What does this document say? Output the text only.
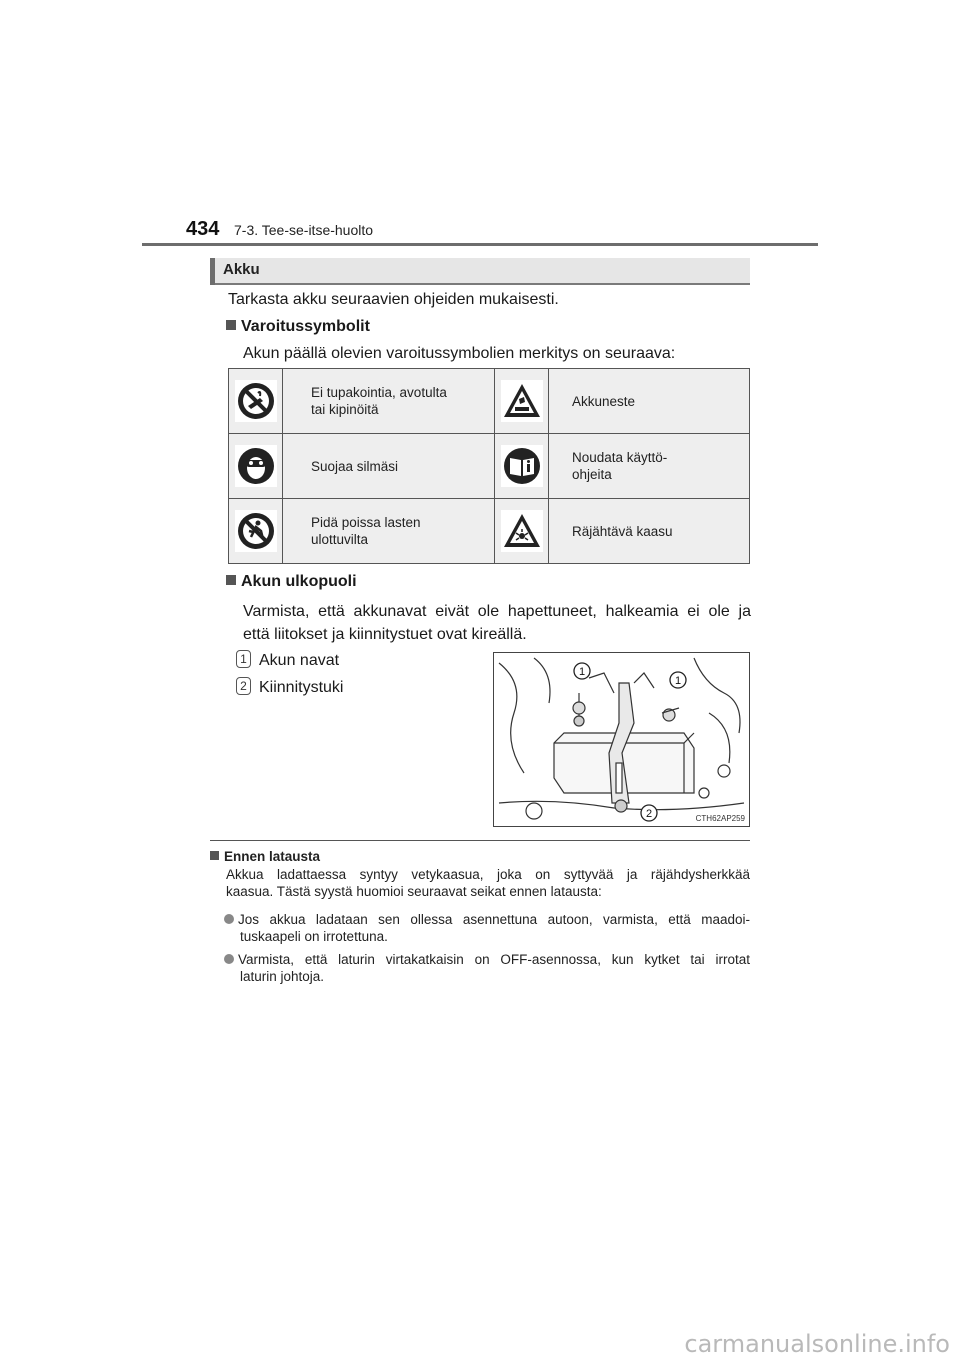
434 7-3. Tee-se-itse-huolto
Akku
Tarkasta akku seuraavien ohjeiden mukaisesti.
Varoitussymbolit
Akun päällä olevien varoitussymbolien merkitys on seuraava:
Ei tupakointia, avotulta
tai kipinöitä
Akkuneste
Suojaa silmäsi
Noudata käyttö-
ohjeita
Pidä poissa lasten
ulottuvilta
Räjähtävä kaasu
Akun ulkopuoli
Varmista, että akkunavat eivät ole hapettuneet, halkeamia ei ole ja
että liitokset ja kiinnitystuet ovat kireällä.
1 Akun navat
2 Kiinnitystuki
1
1
2	CTH62AP259
Ennen latausta
Akkua ladattaessa syntyy vetykaasua, joka on syttyvää ja räjähdysherkkää
kaasua. Tästä syystä huomioi seuraavat seikat ennen latausta:
Jos akkua ladataan sen ollessa asennettuna autoon, varmista, että maadoi-
tuskaapeli on irrotettuna.
Varmista, että laturin virtakatkaisin on OFF-asennossa, kun kytket tai irrotat
laturin johtoja.
carmanualsonline.info
